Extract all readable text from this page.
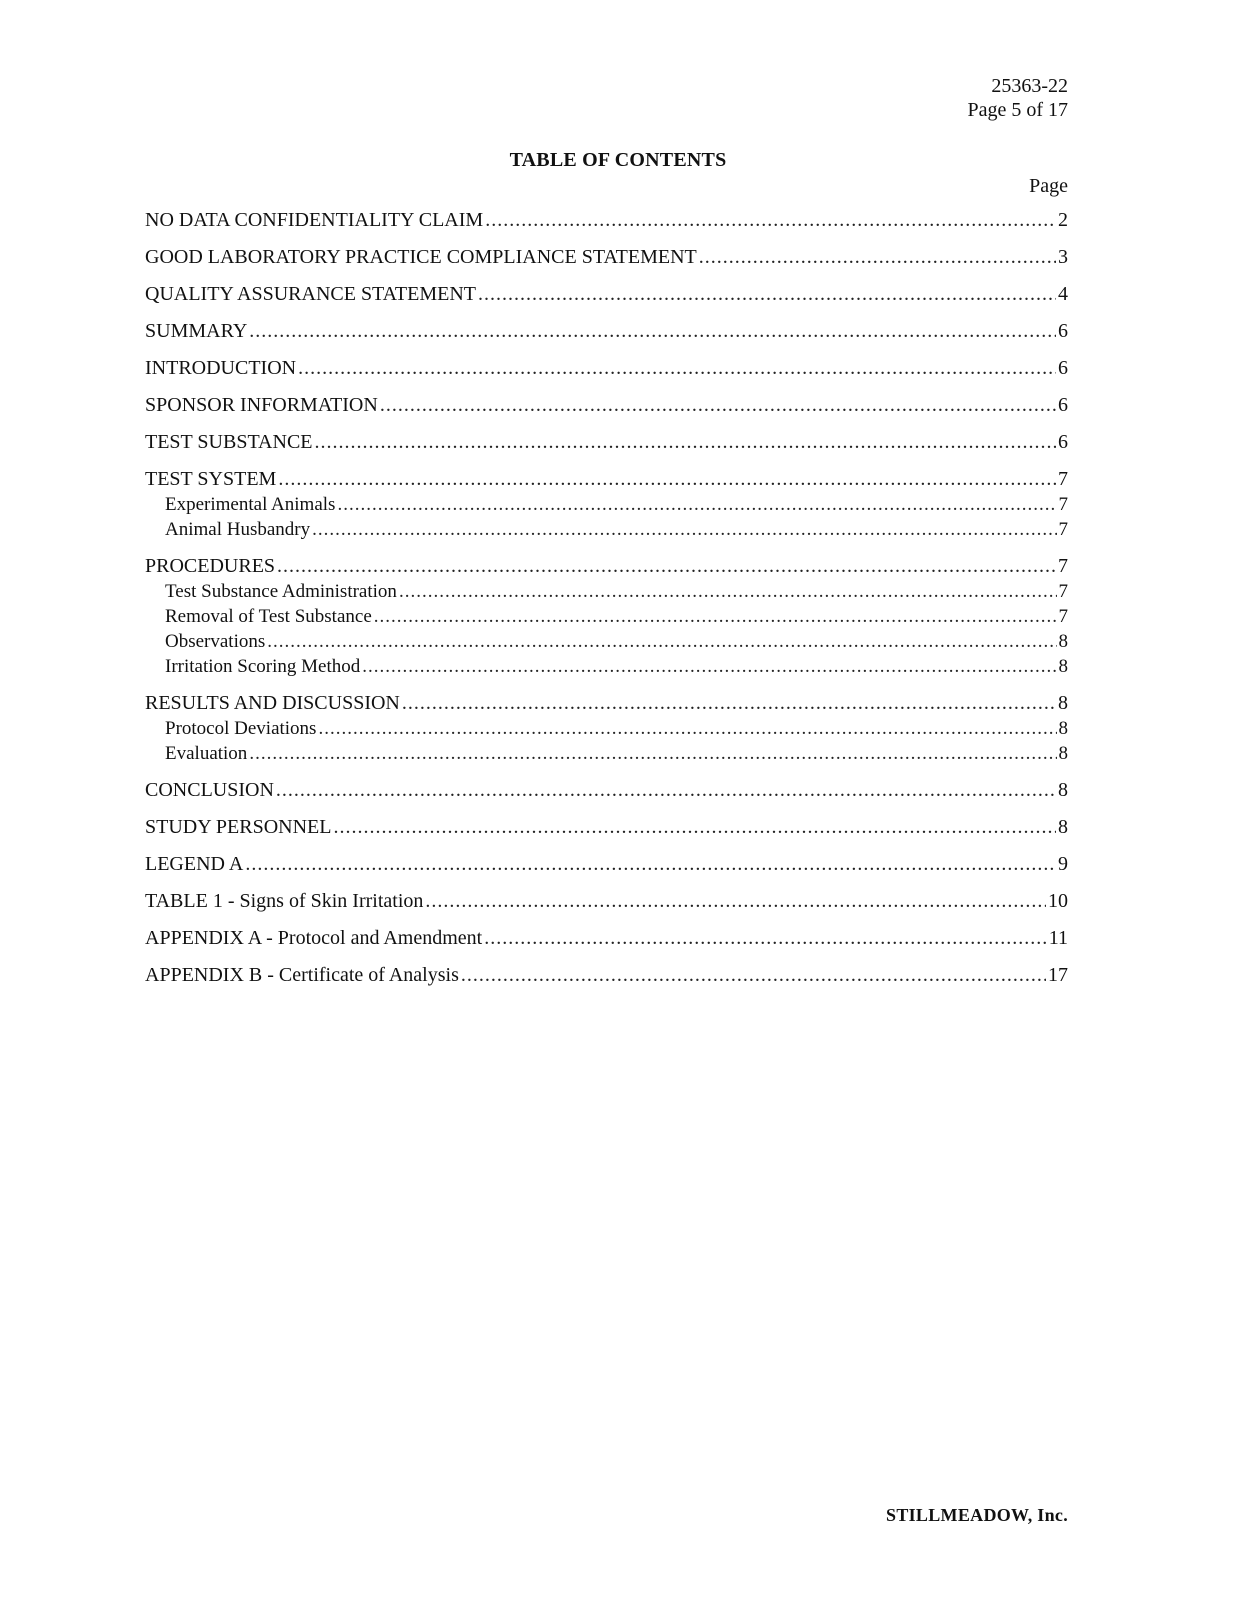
25363-22
Page 5 of 17
TABLE OF CONTENTS
Page
NO DATA CONFIDENTIALITY CLAIM .....	2
GOOD LABORATORY PRACTICE COMPLIANCE STATEMENT .....	3
QUALITY ASSURANCE STATEMENT .....	4
SUMMARY .....	6
INTRODUCTION .....	6
SPONSOR INFORMATION .....	6
TEST SUBSTANCE .....	6
TEST SYSTEM .....	7
Experimental Animals .....	7
Animal Husbandry .....	7
PROCEDURES .....	7
Test Substance Administration .....	7
Removal of Test Substance .....	7
Observations .....	8
Irritation Scoring Method .....	8
RESULTS AND DISCUSSION .....	8
Protocol Deviations .....	8
Evaluation .....	8
CONCLUSION .....	8
STUDY PERSONNEL .....	8
LEGEND A .....	9
TABLE 1 - Signs of Skin Irritation .....	10
APPENDIX A - Protocol and Amendment .....	11
APPENDIX B - Certificate of Analysis .....	17
STILLMEADOW, Inc.
